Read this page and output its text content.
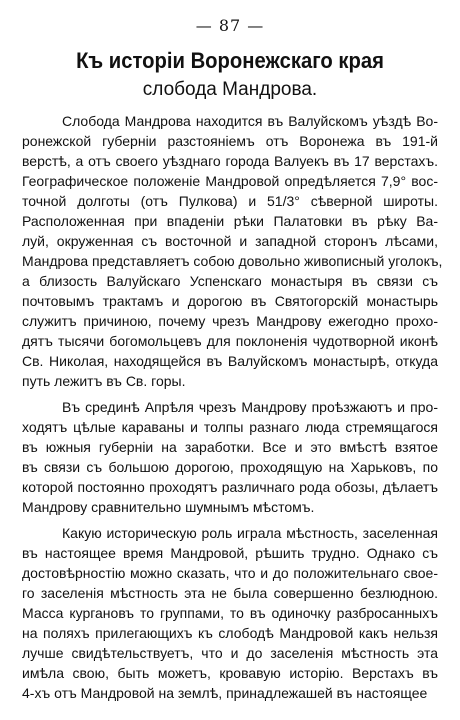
— 87 —
Къ исторіи Воронежскаго края
слобода Мандрова.
Слобода Мандрова находится въ Валуйскомъ уѣздѣ Во-
ронежской губерніи разстояніемъ отъ Воронежа въ 191-й
верстѣ, а отъ своего уѣзднаго города Валуекъ въ 17 верстахъ.
Географическое положеніе Мандровой опредѣляется 7,9° вос-
точной долготы (отъ Пулкова) и 51/3° сѣверной широты.
Расположенная при впаденіи рѣки Палатовки въ рѣку Ва-
луй, окруженная съ восточной и западной сторонъ лѣсами,
Мандрова представляетъ собою довольно живописный уголокъ,
а близость Валуйскаго Успенскаго монастыря въ связи съ
почтовымъ трактамъ и дорогою въ Святогорскій монастырь
служитъ причиною, почему чрезъ Мандрову ежегодно прохо-
дятъ тысячи богомольцевъ для поклоненія чудотворной иконѣ
Св. Николая, находящейся въ Валуйскомъ монастырѣ, откуда
путь лежитъ въ Св. горы.
Въ срединѣ Апрѣля чрезъ Мандрову проѣзжаютъ и про-
ходятъ цѣлые караваны и толпы разнаго люда стремящагося
въ южныя губерніи на заработки. Все и это вмѣстѣ взятое
въ связи съ большою дорогою, проходящую на Харьковъ, по
которой постоянно проходятъ различнаго рода обозы, дѣлаетъ
Мандрову сравнительно шумнымъ мѣстомъ.
Какую историческую роль играла мѣстность, заселенная
въ настоящее время Мандровой, рѣшить трудно. Однако съ
достовѣрностію можно сказать, что и до положительнаго свое-
го заселенія мѣстность эта не была совершенно безлюдною.
Масса кургановъ то группами, то въ одиночку разбросанныхъ
на поляхъ прилегающихъ къ слободѣ Мандровой какъ нельзя
лучше свидѣтельствуетъ, что и до заселенія мѣстность эта
имѣла свою, быть можетъ, кровавую исторію. Верстахъ въ
4-хъ отъ Мандровой на землѣ, принадлежашей въ настоящее
